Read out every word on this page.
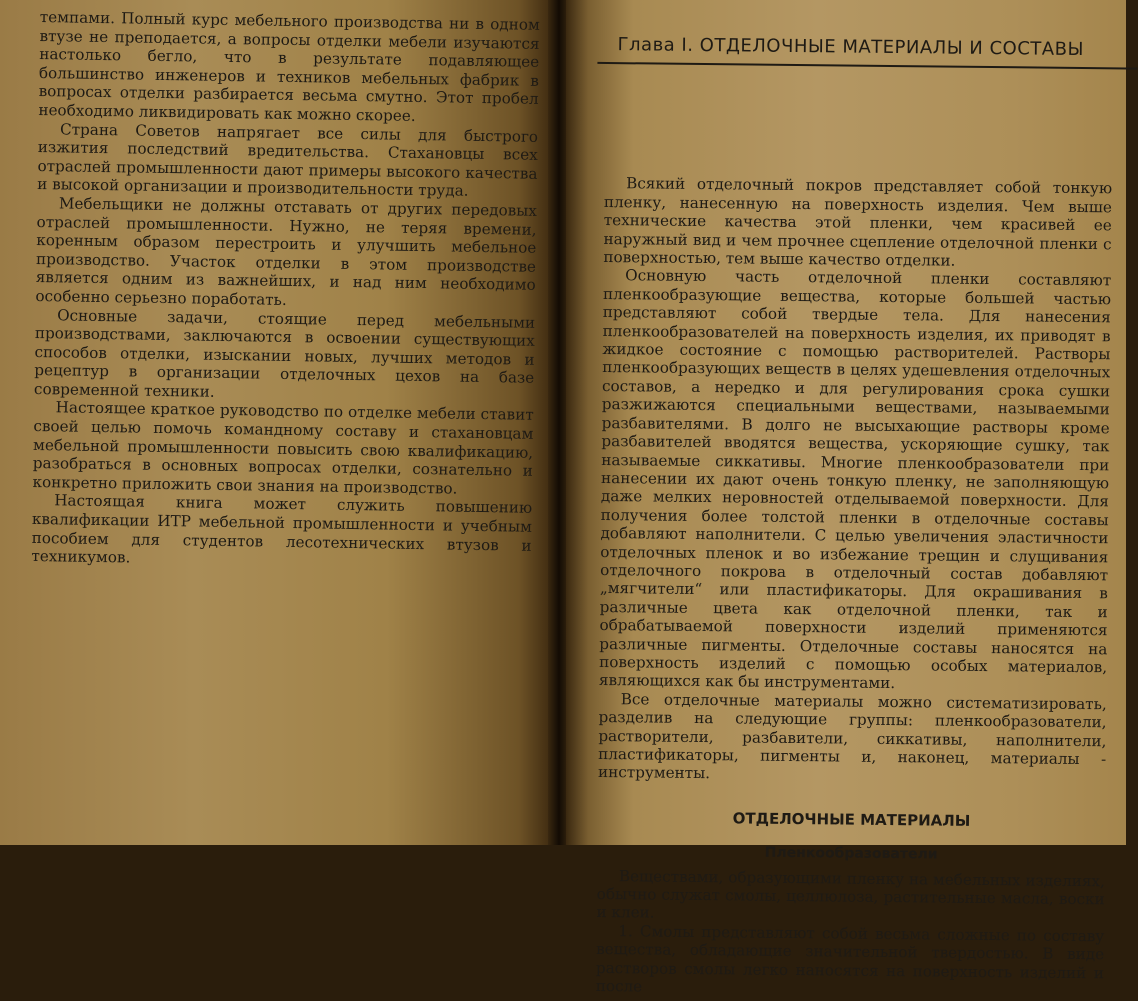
темпами. Полный курс мебельного производства ни в одном втузе не преподается, а вопросы отделки мебели изучаются настолько бегло, что в результате подавляющее большинство инженеров и техников мебельных фабрик в вопросах отделки разбирается весьма смутно. Этот пробел необходимо ликвидировать как можно скорее.

Страна Советов напрягает все силы для быстрого изжития последствий вредительства. Стахановцы всех отраслей промышленности дают примеры высокого качества и высокой организации и производительности труда.

Мебельщики не должны отставать от других передовых отраслей промышленности. Нужно, не теряя времени, коренным образом перестроить и улучшить мебельное производство. Участок отделки в этом производстве является одним из важнейших, и над ним необходимо особенно серьезно поработать.

Основные задачи, стоящие перед мебельными производствами, заключаются в освоении существующих способов отделки, изыскании новых, лучших методов и рецептур в организации отделочных цехов на базе современной техники.

Настоящее краткое руководство по отделке мебели ставит своей целью помочь командному составу и стахановцам мебельной промышленности повысить свою квалификацию, разобраться в основных вопросах отделки, сознательно и конкретно приложить свои знания на производство.

Настоящая книга может служить повышению квалификации ИТР мебельной промышленности и учебным пособием для студентов лесотехнических втузов и техникумов.

Глава I. ОТДЕЛОЧНЫЕ МАТЕРИАЛЫ И СОСТАВЫ

Всякий отделочный покров представляет собой тонкую пленку, нанесенную на поверхность изделия. Чем выше технические качества этой пленки, чем красивей ее наружный вид и чем прочнее сцепление отделочной пленки с поверхностью, тем выше качество отделки.

Основную часть отделочной пленки составляют пленкообразующие вещества, которые большей частью представляют собой твердые тела. Для нанесения пленкообразователей на поверхность изделия, их приводят в жидкое состояние с помощью растворителей. Растворы пленкообразующих веществ в целях удешевления отделочных составов, а нередко и для регулирования срока сушки разжижаются специальными веществами, называемыми разбавителями. В долго не высыхающие растворы кроме разбавителей вводятся вещества, ускоряющие сушку, так называемые сиккативы. Многие пленкообразователи при нанесении их дают очень тонкую пленку, не заполняющую даже мелких неровностей отделываемой поверхности. Для получения более толстой пленки в отделочные составы добавляют наполнители. С целью увеличения эластичности отделочных пленок и во избежание трещин и слущивания отделочного покрова в отделочный состав добавляют „мягчители“ или пластификаторы. Для окрашивания в различные цвета как отделочной пленки, так и обрабатываемой поверхности изделий применяются различные пигменты. Отделочные составы наносятся на поверхность изделий с помощью особых материалов, являющихся как бы инструментами.

Все отделочные материалы можно систематизировать, разделив на следующие группы: пленкообразователи, растворители, разбавители, сиккативы, наполнители, пластификаторы, пигменты и, наконец, материалы - инструменты.

ОТДЕЛОЧНЫЕ МАТЕРИАЛЫ
Пленкообразователи

Веществами, образующими пленку на мебельных изделиях, обычно служат смолы, целлюлоза, растительные масла, воски и клеи.

1. Смолы представляют собой весьма сложные по составу вещества, обладающие значительной твердостью. В виде растворов смолы легко наносятся на поверхность изделий и после
